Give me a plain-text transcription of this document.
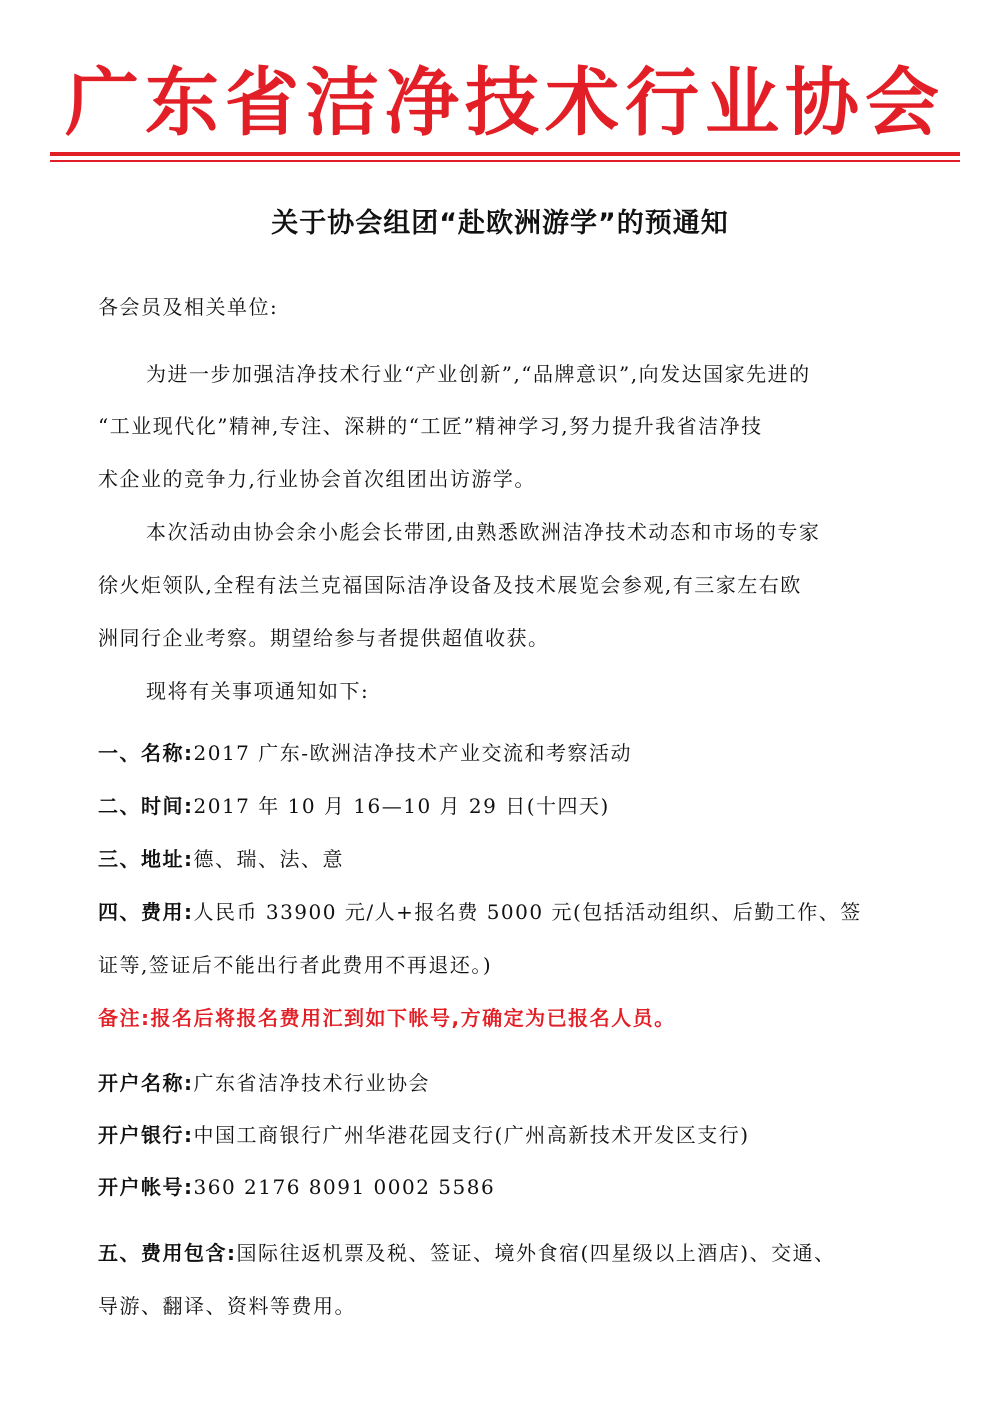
广东省洁净技术行业协会
关于协会组团“赴欧洲游学”的预通知
各会员及相关单位:
为进一步加强洁净技术行业“产业创新”,“品牌意识”,向发达国家先进的
“工业现代化”精神,专注、深耕的“工匠”精神学习,努力提升我省洁净技
术企业的竞争力,行业协会首次组团出访游学。
本次活动由协会余小彪会长带团,由熟悉欧洲洁净技术动态和市场的专家
徐火炬领队,全程有法兰克福国际洁净设备及技术展览会参观,有三家左右欧
洲同行企业考察。期望给参与者提供超值收获。
现将有关事项通知如下:
一、名称:2017 广东-欧洲洁净技术产业交流和考察活动
二、时间:2017 年 10 月 16—10 月 29 日(十四天)
三、地址:德、瑞、法、意
四、费用:人民币 33900 元/人+报名费 5000 元(包括活动组织、后勤工作、签
证等,签证后不能出行者此费用不再退还。)
备注:报名后将报名费用汇到如下帐号,方确定为已报名人员。
开户名称:广东省洁净技术行业协会
开户银行:中国工商银行广州华港花园支行(广州高新技术开发区支行)
开户帐号:360 2176 8091 0002 5586
五、费用包含:国际往返机票及税、签证、境外食宿(四星级以上酒店)、交通、
导游、翻译、资料等费用。
